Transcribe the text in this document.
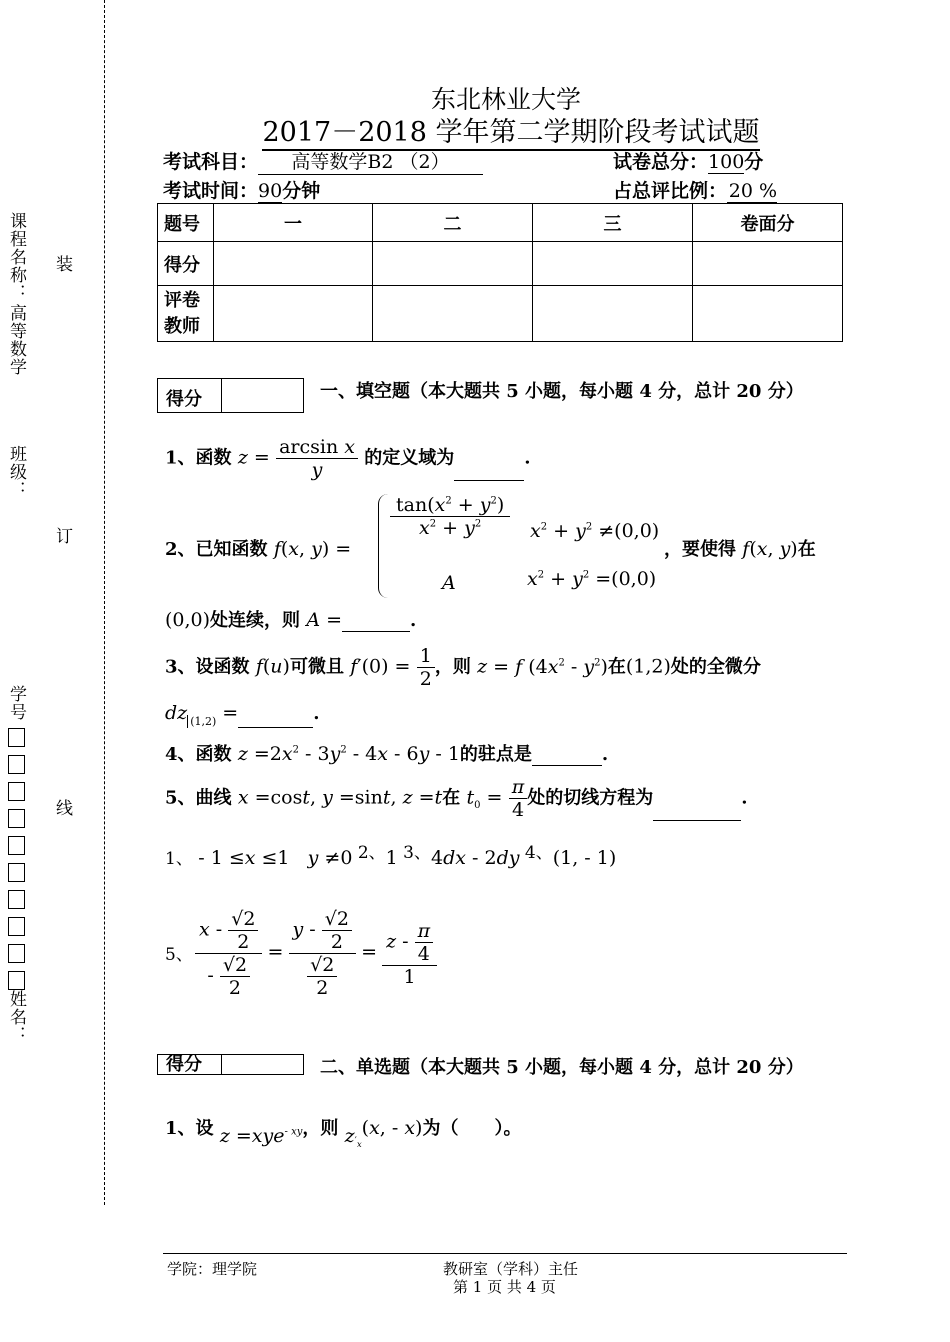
课程名称：
高等数学
班级：
学号
姓名：
装
订
线
东北林业大学
2017－2018 学年第二学期阶段考试试题
考试科目： 高等数学B2 （2）	试卷总分：100分
考试时间：90分钟	占总评比例：20 %
题号	一	二	三	卷面分
得分				
评卷教师				
得分	一、填空题（本大题共 5 小题，每小题 4 分，总计 20 分）
1、函数 $z = \frac{\text{arcsin x}}{y}$ 的定义域为	.
2、已知函数 f(x, y) =
$\frac{\tan(x^2 + y^2)}{x^2 + y^2} x^2 + y^2 \ne(0,0)$
A	$x^2 + y^2 =(0,0)$
，要使得 f(x, y)在
(0,0)处连续，则 A =	.
3、设函数 f(u)可微且 $f'(0) = \frac{1}{2}$ ，则 z = f $(4x^2 - y^2)$在(1,2)处的全微分
dz $_{(1,2)}$ =	.
4、函数 $z =2x^2 - 3y^2 - 4x - 6y - 1$的驻点是	.
5、曲线 x =cost, y =sint, z =t在 $t_0 = \frac{\pi}{4}$ 处的切线方程为	.
1、 - 1 ≤x ≤1   y ≠0 2、1 3、4dx - 2dy 4、(1, - 1)
5、 $\frac{x - \frac{√2}{2}}{- \frac{√2}{2}} = \frac{y - \frac{√2}{2}}{\frac{√2}{2}} = \frac{z - \frac{\pi}{4}}{1}$
得分	二、单选题（本大题共 5 小题，每小题 4 分，总计 20 分）
1、设 z =xye$^{- xy}$，则 $z_{'_x}(x$, - x)为（　　）。
学院：理学院	教研室（学科）主任
第 1 页 共 4 页
